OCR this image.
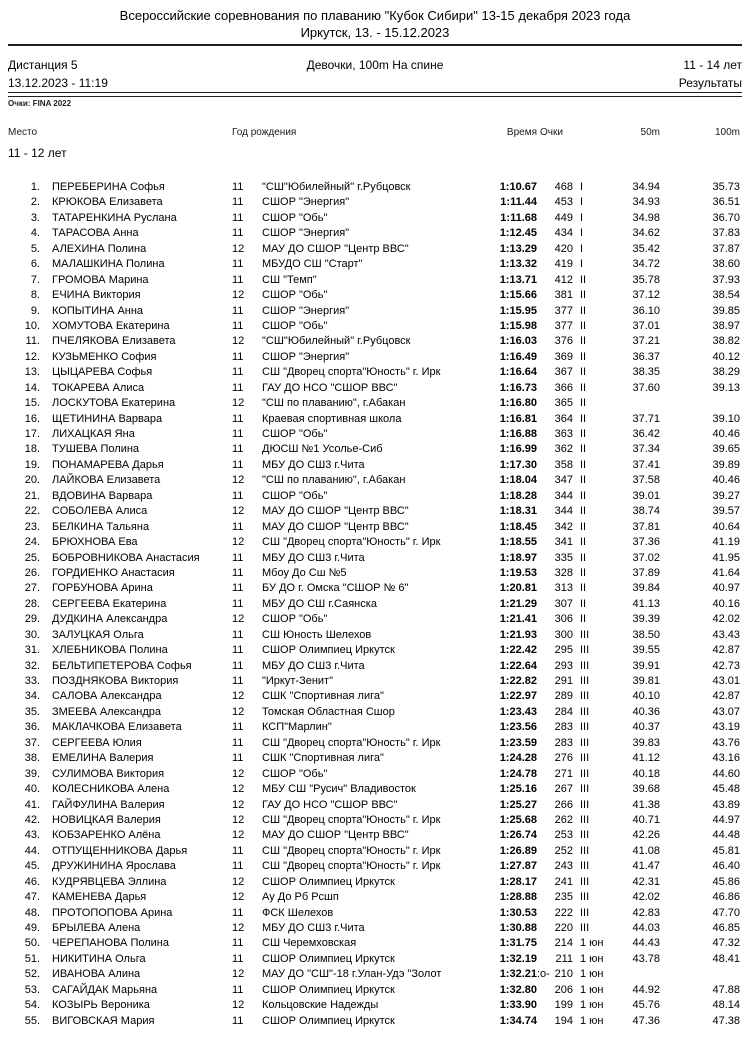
Всероссийские соревнования по плаванию "Кубок Сибири" 13-15 декабря 2023 года
Иркутск, 13. - 15.12.2023
Дистанция 5
13.12.2023 - 11:19
Девочки, 100m На спине	11 - 14 лет
Результаты
Очки: FINA 2022
Место	Год рождения	Время Очки	50m	100m
11 - 12 лет
1. ПЕРЕБЕРИНА Софья	11 "СШ"Юбилейный" г.Рубцовск	1:10.67	468 I	34.94	35.73
2. КРЮКОВА Елизавета	11 СШОР "Энергия"	1:11.44	453 I	34.93	36.51
3. ТАТАРЕНКИНА Руслана	11 СШОР "Обь"	1:11.68	449 I	34.98	36.70
4. ТАРАСОВА Анна	11 СШОР "Энергия"	1:12.45	434 I	34.62	37.83
5. АЛЕХИНА Полина	12 МАУ ДО СШОР "Центр ВВС"	1:13.29	420 I	35.42	37.87
6. МАЛАШКИНА Полина	11 МБУДО СШ "Старт"	1:13.32	419 I	34.72	38.60
7. ГРОМОВА Марина	11 СШ "Темп"	1:13.71	412 II	35.78	37.93
8. ЕЧИНА Виктория	12 СШОР "Обь"	1:15.66	381 II	37.12	38.54
9. КОПЫТИНА Анна	11 СШОР "Энергия"	1:15.95	377 II	36.10	39.85
10. ХОМУТОВА Екатерина	11 СШОР "Обь"	1:15.98	377 II	37.01	38.97
11. ПЧЕЛЯКОВА Елизавета	12 "СШ"Юбилейный" г.Рубцовск	1:16.03	376 II	37.21	38.82
12. КУЗЬМЕНКО София	11 СШОР "Энергия"	1:16.49	369 II	36.37	40.12
13. ЦЫЦАРЕВА Софья	11 СШ "Дворец спорта"Юность" г. Ирк	1:16.64	367 II	38.35	38.29
14. ТОКАРЕВА Алиса	11 ГАУ ДО НСО "СШОР ВВС"	1:16.73	366 II	37.60	39.13
15. ЛОСКУТОВА Екатерина	12 "СШ по плаванию", г.Абакан	1:16.80	365 II
16. ЩЕТИНИНА Варвара	11 Краевая спортивная школа	1:16.81	364 II	37.71	39.10
17. ЛИХАЦКАЯ Яна	11 СШОР "Обь"	1:16.88	363 II	36.42	40.46
18. ТУШЕВА Полина	11 ДЮСШ №1 Усолье-Сиб	1:16.99	362 II	37.34	39.65
19. ПОНАМАРЕВА Дарья	11 МБУ ДО СШ3 г.Чита	1:17.30	358 II	37.41	39.89
20. ЛАЙКОВА Елизавета	12 "СШ по плаванию", г.Абакан	1:18.04	347 II	37.58	40.46
21. ВДОВИНА Варвара	11 СШОР "Обь"	1:18.28	344 II	39.01	39.27
22. СОБОЛЕВА Алиса	12 МАУ ДО СШОР "Центр ВВС"	1:18.31	344 II	38.74	39.57
23. БЕЛКИНА Тальяна	11 МАУ ДО СШОР "Центр ВВС"	1:18.45	342 II	37.81	40.64
24. БРЮХНОВА Ева	12 СШ "Дворец спорта"Юность" г. Ирк	1:18.55	341 II	37.36	41.19
25. БОБРОВНИКОВА Анастасия	11 МБУ ДО СШ3 г.Чита	1:18.97	335 II	37.02	41.95
26. ГОРДИЕНКО Анастасия	11 Мбоу До Сш №5	1:19.53	328 II	37.89	41.64
27. ГОРБУНОВА Арина	11 БУ ДО г. Омска "СШОР № 6"	1:20.81	313 II	39.84	40.97
28. СЕРГЕЕВА Екатерина	11 МБУ ДО СШ г.Саянска	1:21.29	307 II	41.13	40.16
29. ДУДКИНА Александра	12 СШОР "Обь"	1:21.41	306 II	39.39	42.02
30. ЗАЛУЦКАЯ Ольга	11 СШ Юность Шелехов	1:21.93	300 III	38.50	43.43
31. ХЛЕБНИКОВА Полина	11 СШОР Олимпиец Иркутск	1:22.42	295 III	39.55	42.87
32. БЕЛЬТИПЕТЕРОВА Софья	11 МБУ ДО СШ3 г.Чита	1:22.64	293 III	39.91	42.73
33. ПОЗДНЯКОВА Виктория	11 "Иркут-Зенит"	1:22.82	291 III	39.81	43.01
34. САЛОВА Александра	12 СШК "Спортивная лига"	1:22.97	289 III	40.10	42.87
35. ЗМЕЕВА Александра	12 Томская Областная Сшор	1:23.43	284 III	40.36	43.07
36. МАКЛАЧКОВА Елизавета	11 КСП"Марлин"	1:23.56	283 III	40.37	43.19
37. СЕРГЕЕВА Юлия	11 СШ "Дворец спорта"Юность" г. Ирк	1:23.59	283 III	39.83	43.76
38. ЕМЕЛИНА Валерия	11 СШК "Спортивная лига"	1:24.28	276 III	41.12	43.16
39. СУЛИМОВА Виктория	12 СШОР "Обь"	1:24.78	271 III	40.18	44.60
40. КОЛЕСНИКОВА Алена	12 МБУ СШ "Русич" Владивосток	1:25.16	267 III	39.68	45.48
41. ГАЙФУЛИНА Валерия	12 ГАУ ДО НСО "СШОР ВВС"	1:25.27	266 III	41.38	43.89
42. НОВИЦКАЯ Валерия	12 СШ "Дворец спорта"Юность" г. Ирк	1:25.68	262 III	40.71	44.97
43. КОБЗАРЕНКО Алёна	12 МАУ ДО СШОР "Центр ВВС"	1:26.74	253 III	42.26	44.48
44. ОТПУЩЕННИКОВА Дарья	11 СШ "Дворец спорта"Юность" г. Ирк	1:26.89	252 III	41.08	45.81
45. ДРУЖИНИНА Ярослава	11 СШ "Дворец спорта"Юность" г. Ирк	1:27.87	243 III	41.47	46.40
46. КУДРЯВЦЕВА Эллина	12 СШОР Олимпиец Иркутск	1:28.17	241 III	42.31	45.86
47. КАМЕНЕВА Дарья	12 Ау До Рб Рсшп	1:28.88	235 III	42.02	46.86
48. ПРОТОПОПОВА Арина	11 ФСК Шелехов	1:30.53	222 III	42.83	47.70
49. БРЫЛЕВА Алена	12 МБУ ДО СШ3 г.Чита	1:30.88	220 III	44.03	46.85
50. ЧЕРЕПАНОВА Полина	11 СШ Черемховская	1:31.75	214 1 юн	44.43	47.32
51. НИКИТИНА Ольга	11 СШОР Олимпиец Иркутск	1:32.19	211 1 юн	43.78	48.41
52. ИВАНОВА Алина	12 МАУ ДО "СШ"-18 г.Улан-Удэ "Золот	1:32.21 :о- 210 1 юн
53. САГАЙДАК Марьяна	11 СШОР Олимпиец Иркутск	1:32.80	206 1 юн	44.92	47.88
54. КОЗЫРЬ Вероника	12 Кольцовские Надежды	1:33.90	199 1 юн	45.76	48.14
55. ВИГОВСКАЯ Мария	11 СШОР Олимпиец Иркутск	1:34.74	194 1 юн	47.36	47.38
